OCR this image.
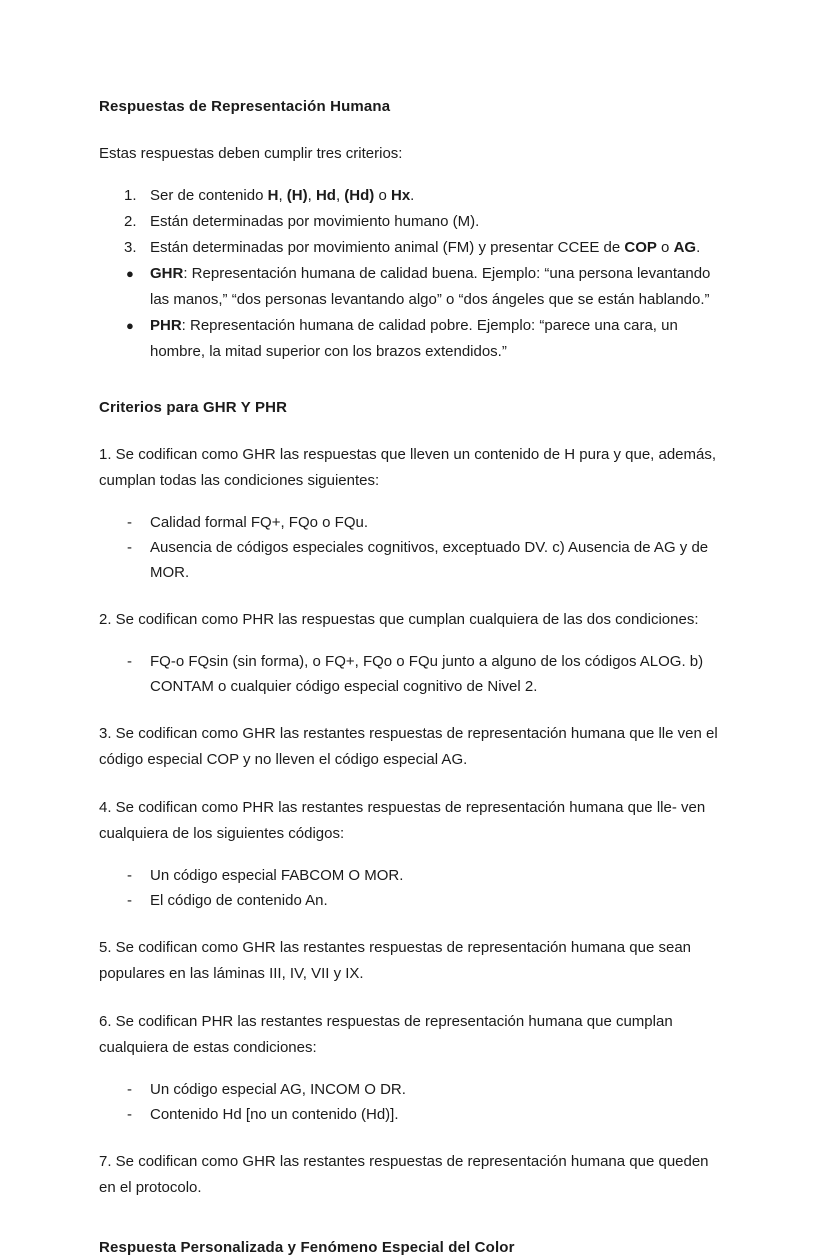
Respuestas de Representación Humana

Estas respuestas deben cumplir tres criterios:

1. Ser de contenido H, (H), Hd, (Hd) o Hx.
2. Están determinadas por movimiento humano (M).
3. Están determinadas por movimiento animal (FM) y presentar CCEE de COP o AG.
●	GHR: Representación humana de calidad buena. Ejemplo: “una persona levantando las manos,” “dos personas levantando algo” o “dos ángeles que se están hablando.”
●	PHR: Representación humana de calidad pobre. Ejemplo: “parece una cara, un hombre, la mitad superior con los brazos extendidos.”
Criterios para GHR Y PHR

1. Se codifican como GHR las respuestas que lleven un contenido de H pura y que, además, cumplan todas las condiciones siguientes:

- Calidad formal FQ+, FQo o FQu.
- Ausencia de códigos especiales cognitivos, exceptuado DV. c) Ausencia de AG y de MOR.

2. Se codifican como PHR las respuestas que cumplan cualquiera de las dos condiciones:

- FQ-o FQsin (sin forma), o FQ+, FQo o FQu junto a alguno de los códigos ALOG. b) CONTAM o cualquier código especial cognitivo de Nivel 2.

3. Se codifican como GHR las restantes respuestas de representación humana que lle ven el código especial COP y no lleven el código especial AG.

4. Se codifican como PHR las restantes respuestas de representación humana que lle- ven cualquiera de los siguientes códigos:

- Un código especial FABCOM O MOR.
- El código de contenido An.

5. Se codifican como GHR las restantes respuestas de representación humana que sean populares en las láminas III, IV, VII y IX.

6. Se codifican PHR las restantes respuestas de representación humana que cumplan cualquiera de estas condiciones:

- Un código especial AG, INCOM O DR.
- Contenido Hd [no un contenido (Hd)].

7. Se codifican como GHR las restantes respuestas de representación humana que queden en el protocolo.

Respuesta Personalizada y Fenómeno Especial del Color
